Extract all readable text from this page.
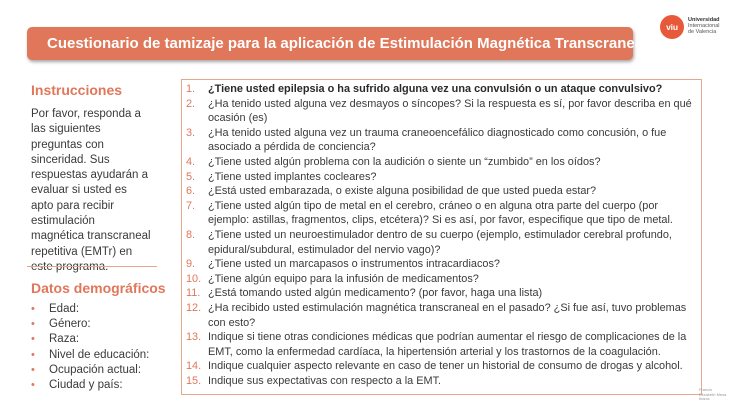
Cuestionario de tamizaje para la aplicación de Estimulación Magnética Transcraneal
viu
Universidad
Internacional
de Valencia
Instrucciones
Por favor, responda a las siguientes preguntas con sinceridad. Sus respuestas ayudarán a evaluar si usted es apto para recibir estimulación magnética transcraneal repetitiva (EMTr) en
Datos demográficos
• Edad:
• Género:
• Raza:
• Nivel de educación:
• Ocupación actual:
• Ciudad y país:
1. ¿Tiene usted epilepsia o ha sufrido alguna vez una convulsión o un ataque convulsivo?
2. ¿Ha tenido usted alguna vez desmayos o síncopes? Si la respuesta es sí, por favor describa en qué ocasión (es)
3. ¿Ha tenido usted alguna vez un trauma craneoencefálico diagnosticado como concusión, o fue asociado a pérdida de conciencia?
4. ¿Tiene usted algún problema con la audición o siente un “zumbido” en los oídos?
5. ¿Tiene usted implantes cocleares?
6. ¿Está usted embarazada, o existe alguna posibilidad de que usted pueda estar?
7. ¿Tiene usted algún tipo de metal en el cerebro, cráneo o en alguna otra parte del cuerpo (por ejemplo: astillas, fragmentos, clips, etcétera)? Si es así, por favor, especifique que tipo de metal.
8. ¿Tiene usted un neuroestimulador dentro de su cuerpo (ejemplo, estimulador cerebral profundo, epidural/subdural, estimulador del nervio vago)?
9. ¿Tiene usted un marcapasos o instrumentos intracardiacos?
10. ¿Tiene algún equipo para la infusión de medicamentos?
11. ¿Está tomando usted algún medicamento? (por favor, haga una lista)
12. ¿Ha recibido usted estimulación magnética transcraneal en el pasado? ¿Si fue así, tuvo problemas con esto?
13. Indique si tiene otras condiciones médicas que podrían aumentar el riesgo de complicaciones de la EMT, como la enfermedad cardíaca, la hipertensión arterial y los trastornos de la coagulación.
14. Indique cualquier aspecto relevante en caso de tener un historial de consumo de drogas y alcohol.
15. Indique sus expectativas con respecto a la EMT.
Francis
Elizabeth Mesa
Ibarra
